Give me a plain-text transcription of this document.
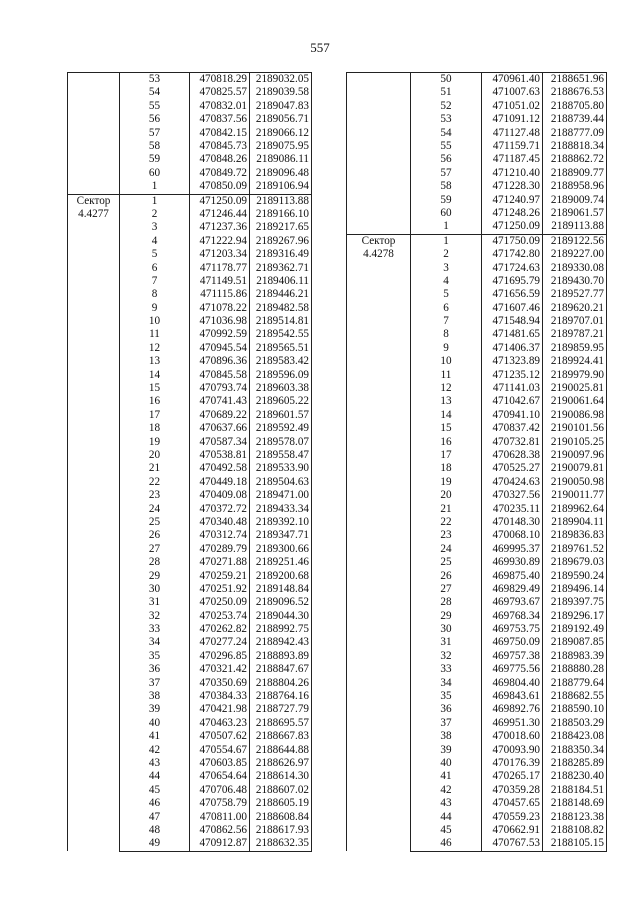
557
	53	470818.29	2189032.05
	54	470825.57	2189039.58
	55	470832.01	2189047.83
	56	470837.56	2189056.71
	57	470842.15	2189066.12
	58	470845.73	2189075.95
	59	470848.26	2189086.11
	60	470849.72	2189096.48
	1	470850.09	2189106.94
Сектор
4.4277	1	471250.09	2189113.88
	2	471246.44	2189166.10
	3	471237.36	2189217.65
	4	471222.94	2189267.96
	5	471203.34	2189316.49
	6	471178.77	2189362.71
	7	471149.51	2189406.11
	8	471115.86	2189446.21
	9	471078.22	2189482.58
	10	471036.98	2189514.81
	11	470992.59	2189542.55
	12	470945.54	2189565.51
	13	470896.36	2189583.42
	14	470845.58	2189596.09
	15	470793.74	2189603.38
	16	470741.43	2189605.22
	17	470689.22	2189601.57
	18	470637.66	2189592.49
	19	470587.34	2189578.07
	20	470538.81	2189558.47
	21	470492.58	2189533.90
	22	470449.18	2189504.63
	23	470409.08	2189471.00
	24	470372.72	2189433.34
	25	470340.48	2189392.10
	26	470312.74	2189347.71
	27	470289.79	2189300.66
	28	470271.88	2189251.46
	29	470259.21	2189200.68
	30	470251.92	2189148.84
	31	470250.09	2189096.52
	32	470253.74	2189044.30
	33	470262.82	2188992.75
	34	470277.24	2188942.43
	35	470296.85	2188893.89
	36	470321.42	2188847.67
	37	470350.69	2188804.26
	38	470384.33	2188764.16
	39	470421.98	2188727.79
	40	470463.23	2188695.57
	41	470507.62	2188667.83
	42	470554.67	2188644.88
	43	470603.85	2188626.97
	44	470654.64	2188614.30
	45	470706.48	2188607.02
	46	470758.79	2188605.19
	47	470811.00	2188608.84
	48	470862.56	2188617.93
	49	470912.87	2188632.35
	50	470961.40	2188651.96
	51	471007.63	2188676.53
	52	471051.02	2188705.80
	53	471091.12	2188739.44
	54	471127.48	2188777.09
	55	471159.71	2188818.34
	56	471187.45	2188862.72
	57	471210.40	2188909.77
	58	471228.30	2188958.96
	59	471240.97	2189009.74
	60	471248.26	2189061.57
	1	471250.09	2189113.88
Сектор
4.4278	1	471750.09	2189122.56
	2	471742.80	2189227.00
	3	471724.63	2189330.08
	4	471695.79	2189430.70
	5	471656.59	2189527.77
	6	471607.46	2189620.21
	7	471548.94	2189707.01
	8	471481.65	2189787.21
	9	471406.37	2189859.95
	10	471323.89	2189924.41
	11	471235.12	2189979.90
	12	471141.03	2190025.81
	13	471042.67	2190061.64
	14	470941.10	2190086.98
	15	470837.42	2190101.56
	16	470732.81	2190105.25
	17	470628.38	2190097.96
	18	470525.27	2190079.81
	19	470424.63	2190050.98
	20	470327.56	2190011.77
	21	470235.11	2189962.64
	22	470148.30	2189904.11
	23	470068.10	2189836.83
	24	469995.37	2189761.52
	25	469930.89	2189679.03
	26	469875.40	2189590.24
	27	469829.49	2189496.14
	28	469793.67	2189397.75
	29	469768.34	2189296.17
	30	469753.75	2189192.49
	31	469750.09	2189087.85
	32	469757.38	2188983.39
	33	469775.56	2188880.28
	34	469804.40	2188779.64
	35	469843.61	2188682.55
	36	469892.76	2188590.10
	37	469951.30	2188503.29
	38	470018.60	2188423.08
	39	470093.90	2188350.34
	40	470176.39	2188285.89
	41	470265.17	2188230.40
	42	470359.28	2188184.51
	43	470457.65	2188148.69
	44	470559.23	2188123.38
	45	470662.91	2188108.82
	46	470767.53	2188105.15
